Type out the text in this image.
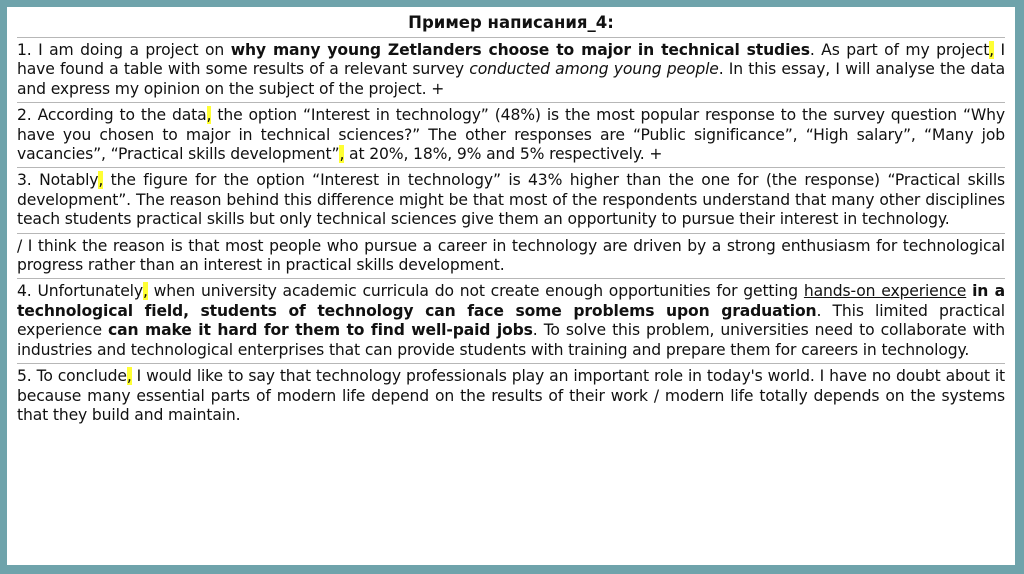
Пример написания_4:

1. I am doing a project on why many young Zetlanders choose to major in technical studies. As part of my project, I have found a table with some results of a relevant survey conducted among young people. In this essay, I will analyse the data and express my opinion on the subject of the project. +

2. According to the data, the option “Interest in technology” (48%) is the most popular response to the survey question “Why have you chosen to major in technical sciences?” The other responses are “Public significance”, “High salary”, “Many job vacancies”, “Practical skills development”, at 20%, 18%, 9% and 5% respectively. +

3. Notably, the figure for the option “Interest in technology” is 43% higher than the one for (the response) “Practical skills development”. The reason behind this difference might be that most of the respondents understand that many other disciplines teach students practical skills but only technical sciences give them an opportunity to pursue their interest in technology.

/ I think the reason is that most people who pursue a career in technology are driven by a strong enthusiasm for technological progress rather than an interest in practical skills development.

4. Unfortunately, when university academic curricula do not create enough opportunities for getting hands-on experience in a technological field, students of technology can face some problems upon graduation. This limited practical experience can make it hard for them to find well-paid jobs. To solve this problem, universities need to collaborate with industries and technological enterprises that can provide students with training and prepare them for careers in technology.

5. To conclude, I would like to say that technology professionals play an important role in today's world. I have no doubt about it because many essential parts of modern life depend on the results of their work / modern life totally depends on the systems that they build and maintain.
